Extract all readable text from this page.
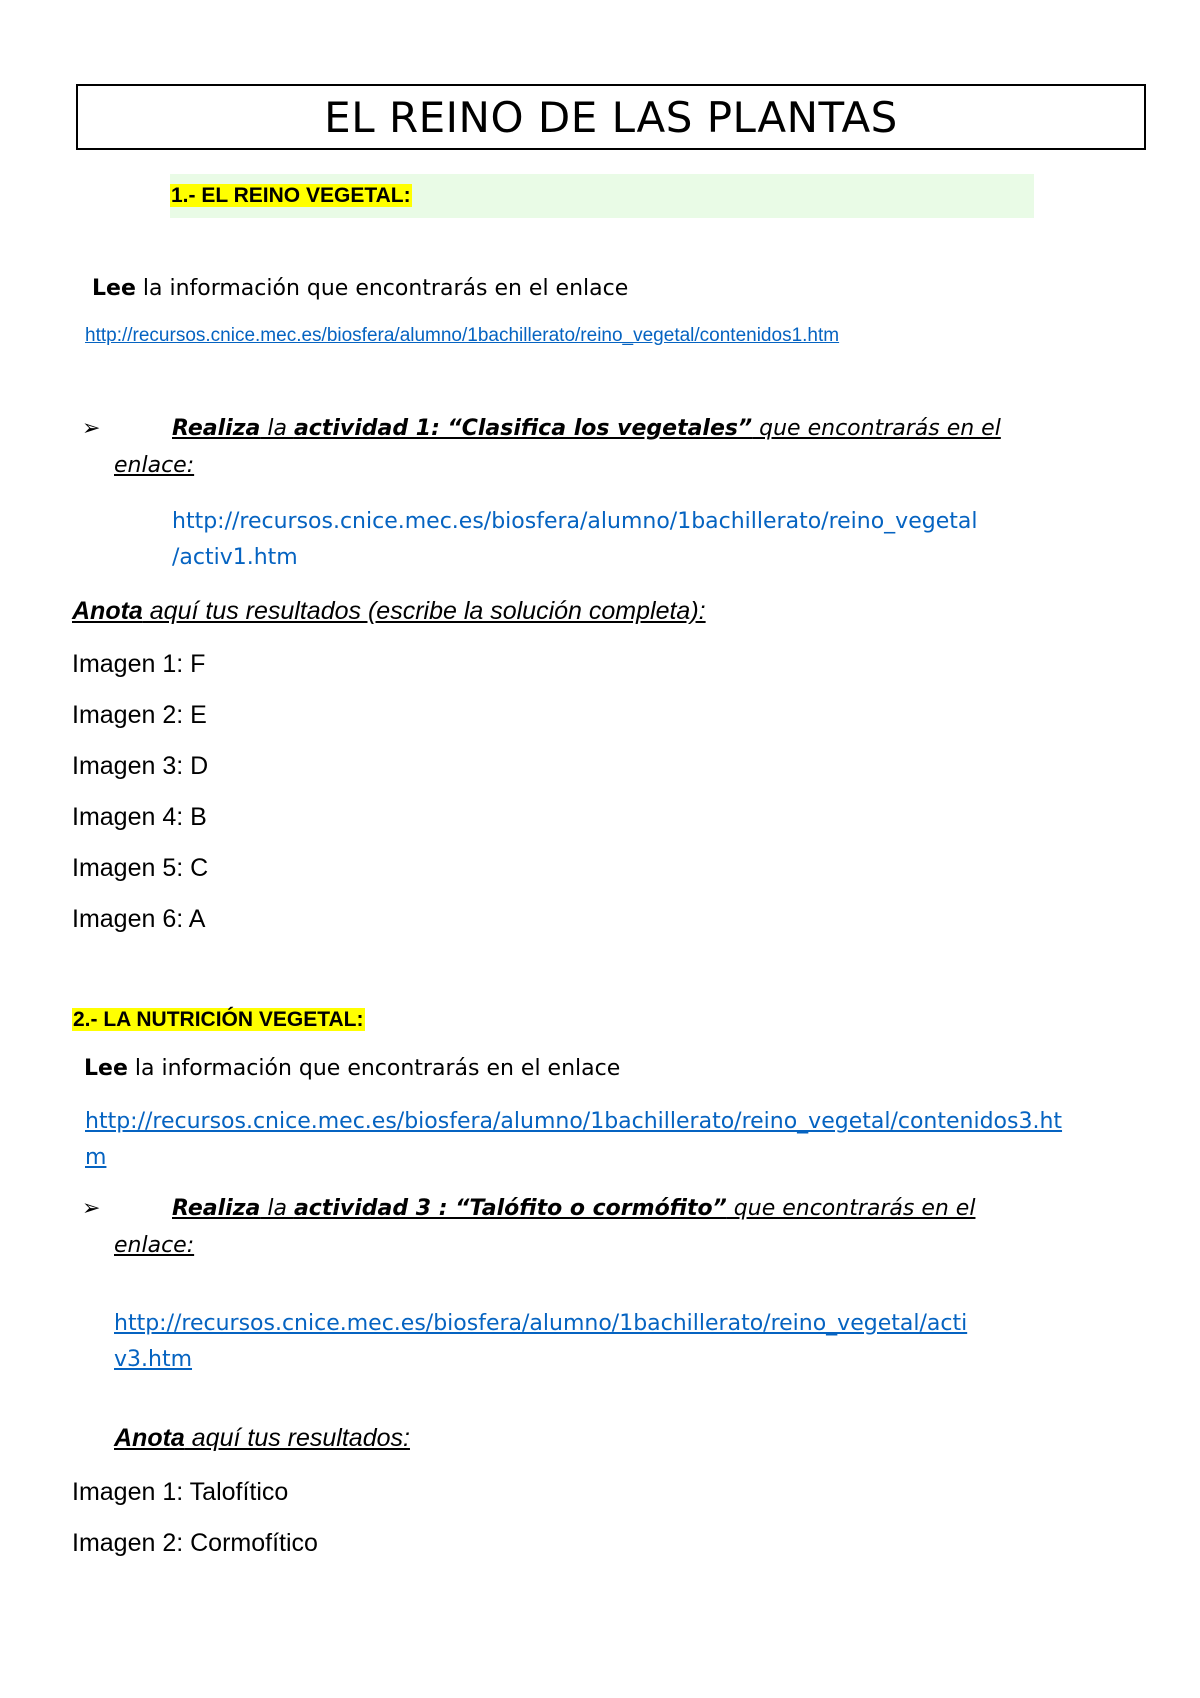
EL REINO DE LAS PLANTAS
1.- EL REINO VEGETAL:
Lee la información que encontrarás en el enlace
http://recursos.cnice.mec.es/biosfera/alumno/1bachillerato/reino_vegetal/contenidos1.htm
➢	Realiza la actividad 1: “Clasifica los vegetales” que encontrarás en el
enlace:
http://recursos.cnice.mec.es/biosfera/alumno/1bachillerato/reino_vegetal
/activ1.htm
Anota aquí tus resultados (escribe la solución completa):
Imagen 1: F
Imagen 2: E
Imagen 3: D
Imagen 4: B
Imagen 5: C
Imagen 6: A
2.- LA NUTRICIÓN VEGETAL:
Lee la información que encontrarás en el enlace
http://recursos.cnice.mec.es/biosfera/alumno/1bachillerato/reino_vegetal/contenidos3.ht
m
➢	Realiza la actividad 3 : “Talófito o cormófito” que encontrarás en el
enlace:
http://recursos.cnice.mec.es/biosfera/alumno/1bachillerato/reino_vegetal/acti
v3.htm
Anota aquí tus resultados:
Imagen 1: Talofítico
Imagen 2: Cormofítico
